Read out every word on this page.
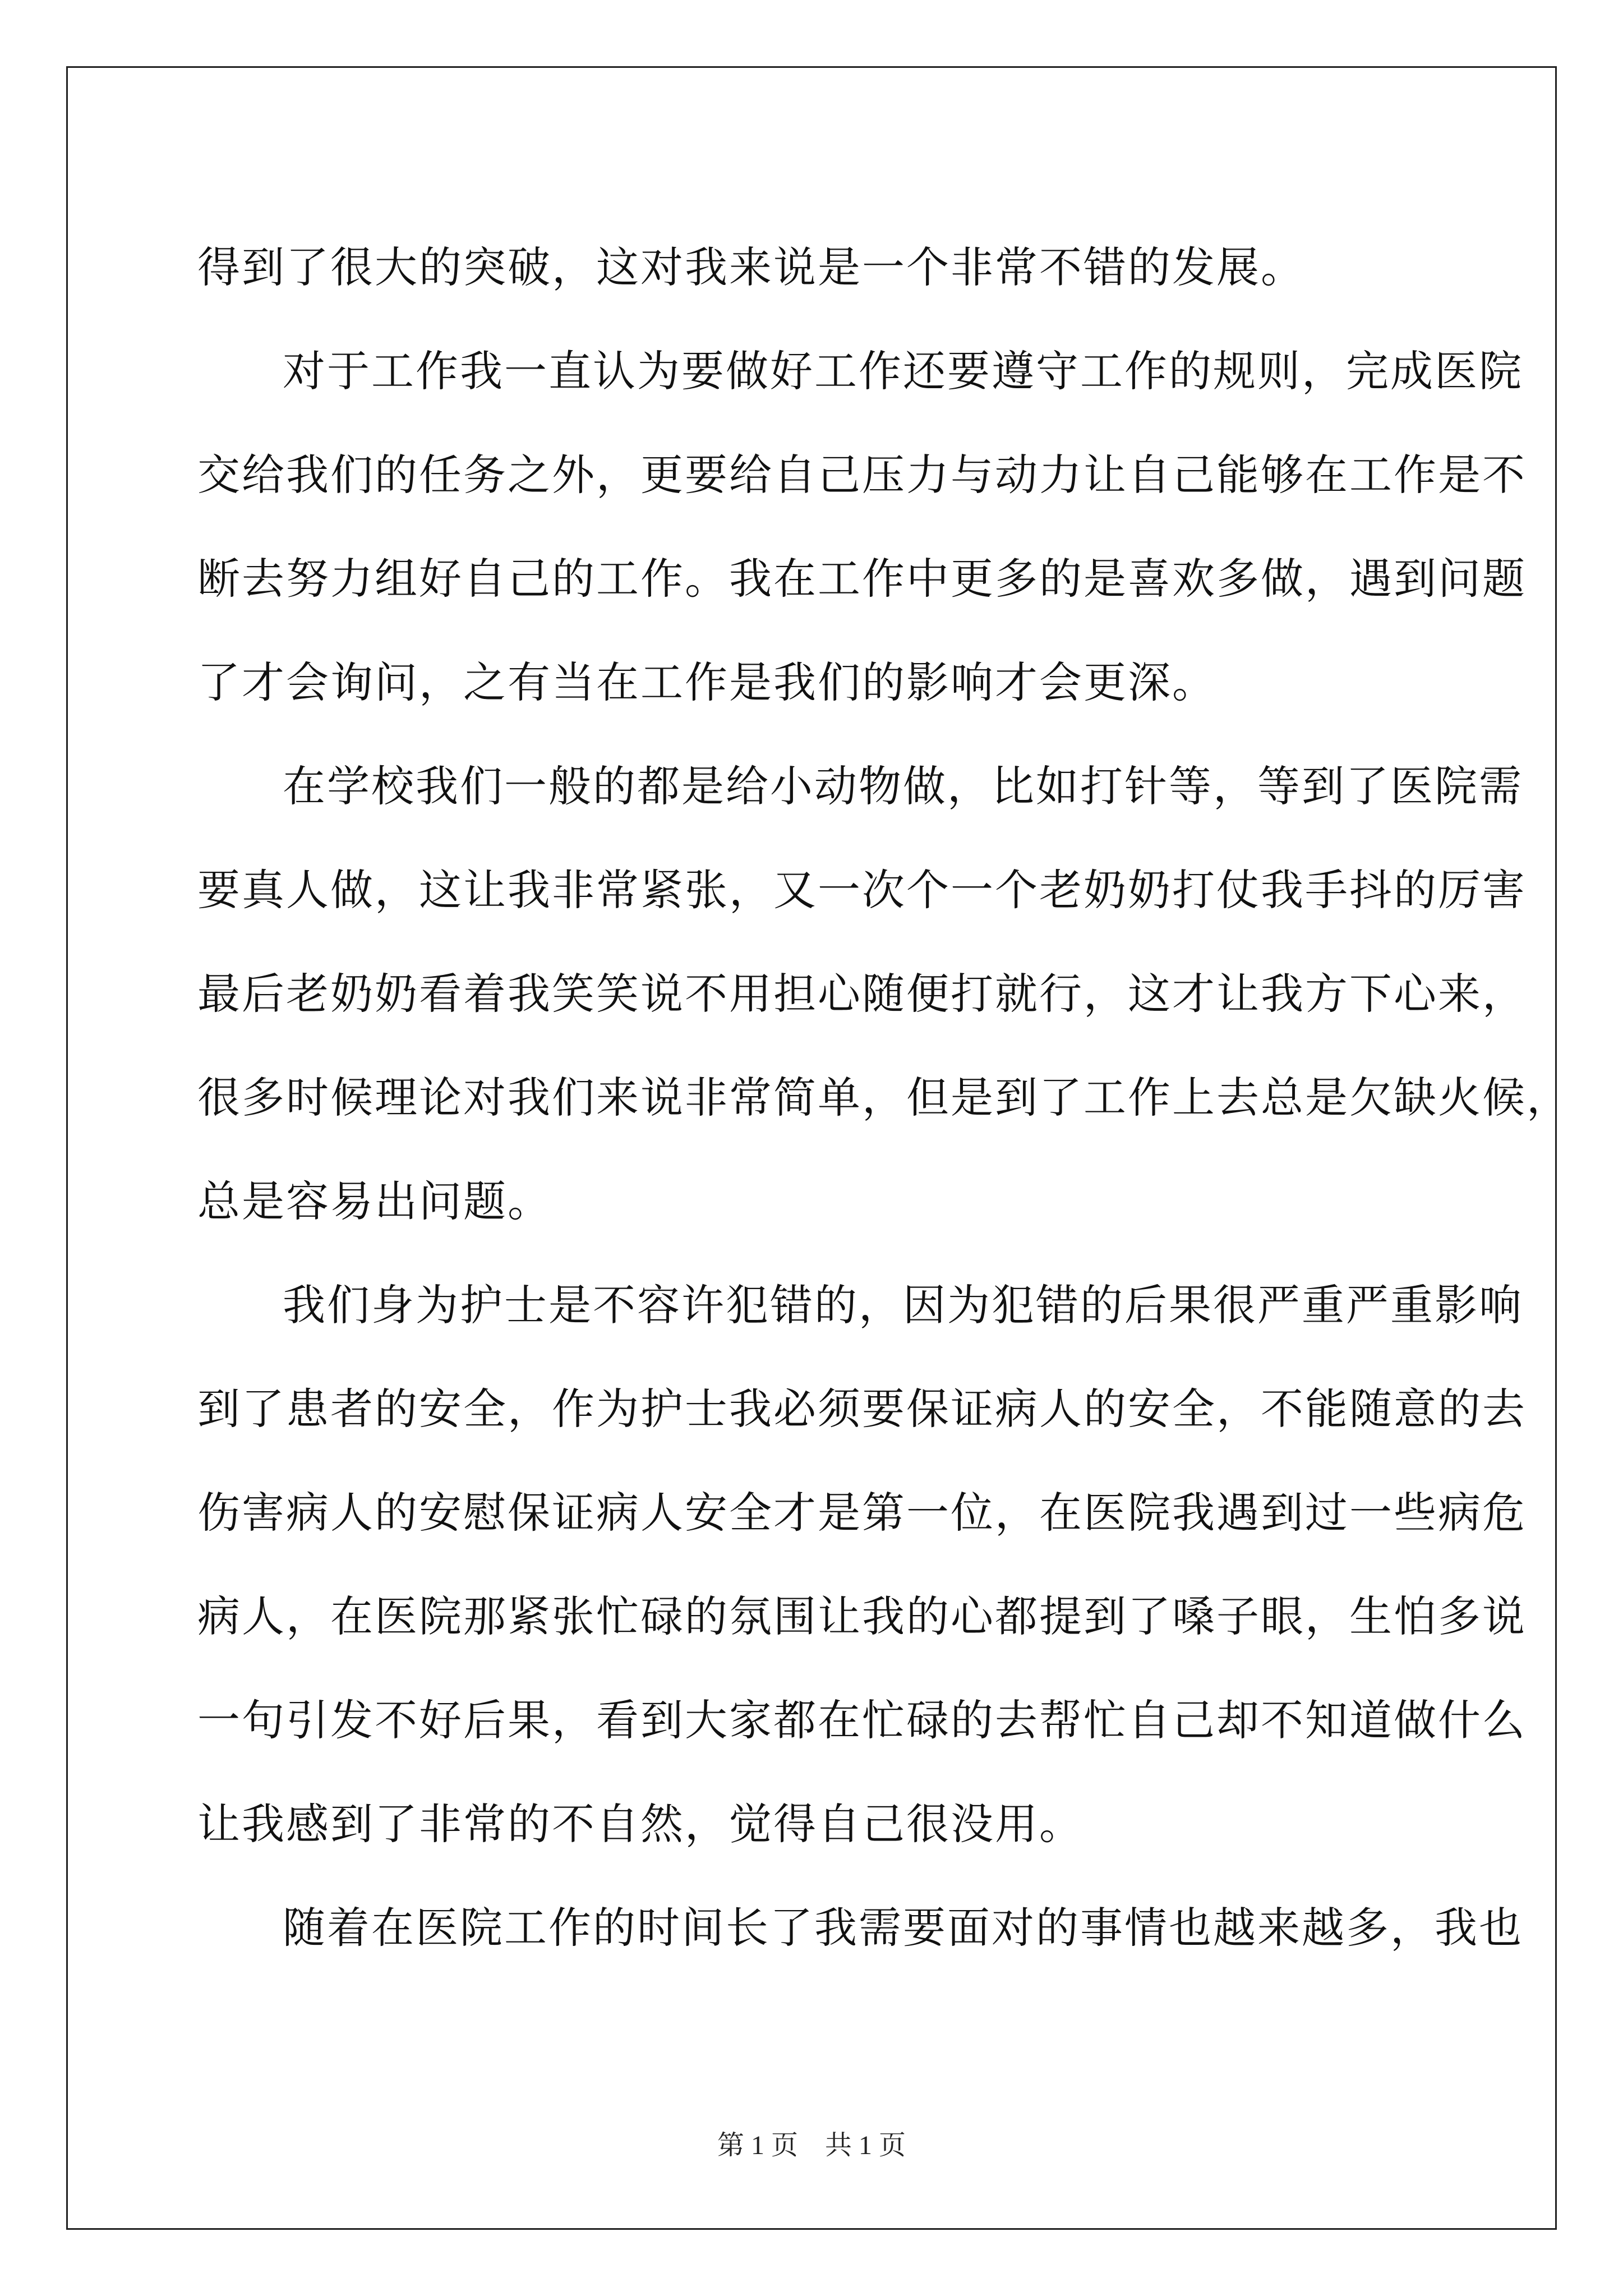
得到了很大的突破，这对我来说是一个非常不错的发展。
对于工作我一直认为要做好工作还要遵守工作的规则，完成医院
交给我们的任务之外，更要给自己压力与动力让自己能够在工作是不
断去努力组好自己的工作。我在工作中更多的是喜欢多做，遇到问题
了才会询问，之有当在工作是我们的影响才会更深。
在学校我们一般的都是给小动物做，比如打针等，等到了医院需
要真人做，这让我非常紧张，又一次个一个老奶奶打仗我手抖的厉害
最后老奶奶看着我笑笑说不用担心随便打就行，这才让我方下心来，
很多时候理论对我们来说非常简单，但是到了工作上去总是欠缺火候，
总是容易出问题。
我们身为护士是不容许犯错的，因为犯错的后果很严重严重影响
到了患者的安全，作为护士我必须要保证病人的安全，不能随意的去
伤害病人的安慰保证病人安全才是第一位，在医院我遇到过一些病危
病人，在医院那紧张忙碌的氛围让我的心都提到了嗓子眼，生怕多说
一句引发不好后果，看到大家都在忙碌的去帮忙自己却不知道做什么
让我感到了非常的不自然，觉得自己很没用。
随着在医院工作的时间长了我需要面对的事情也越来越多，我也
第 1 页　共 1 页
